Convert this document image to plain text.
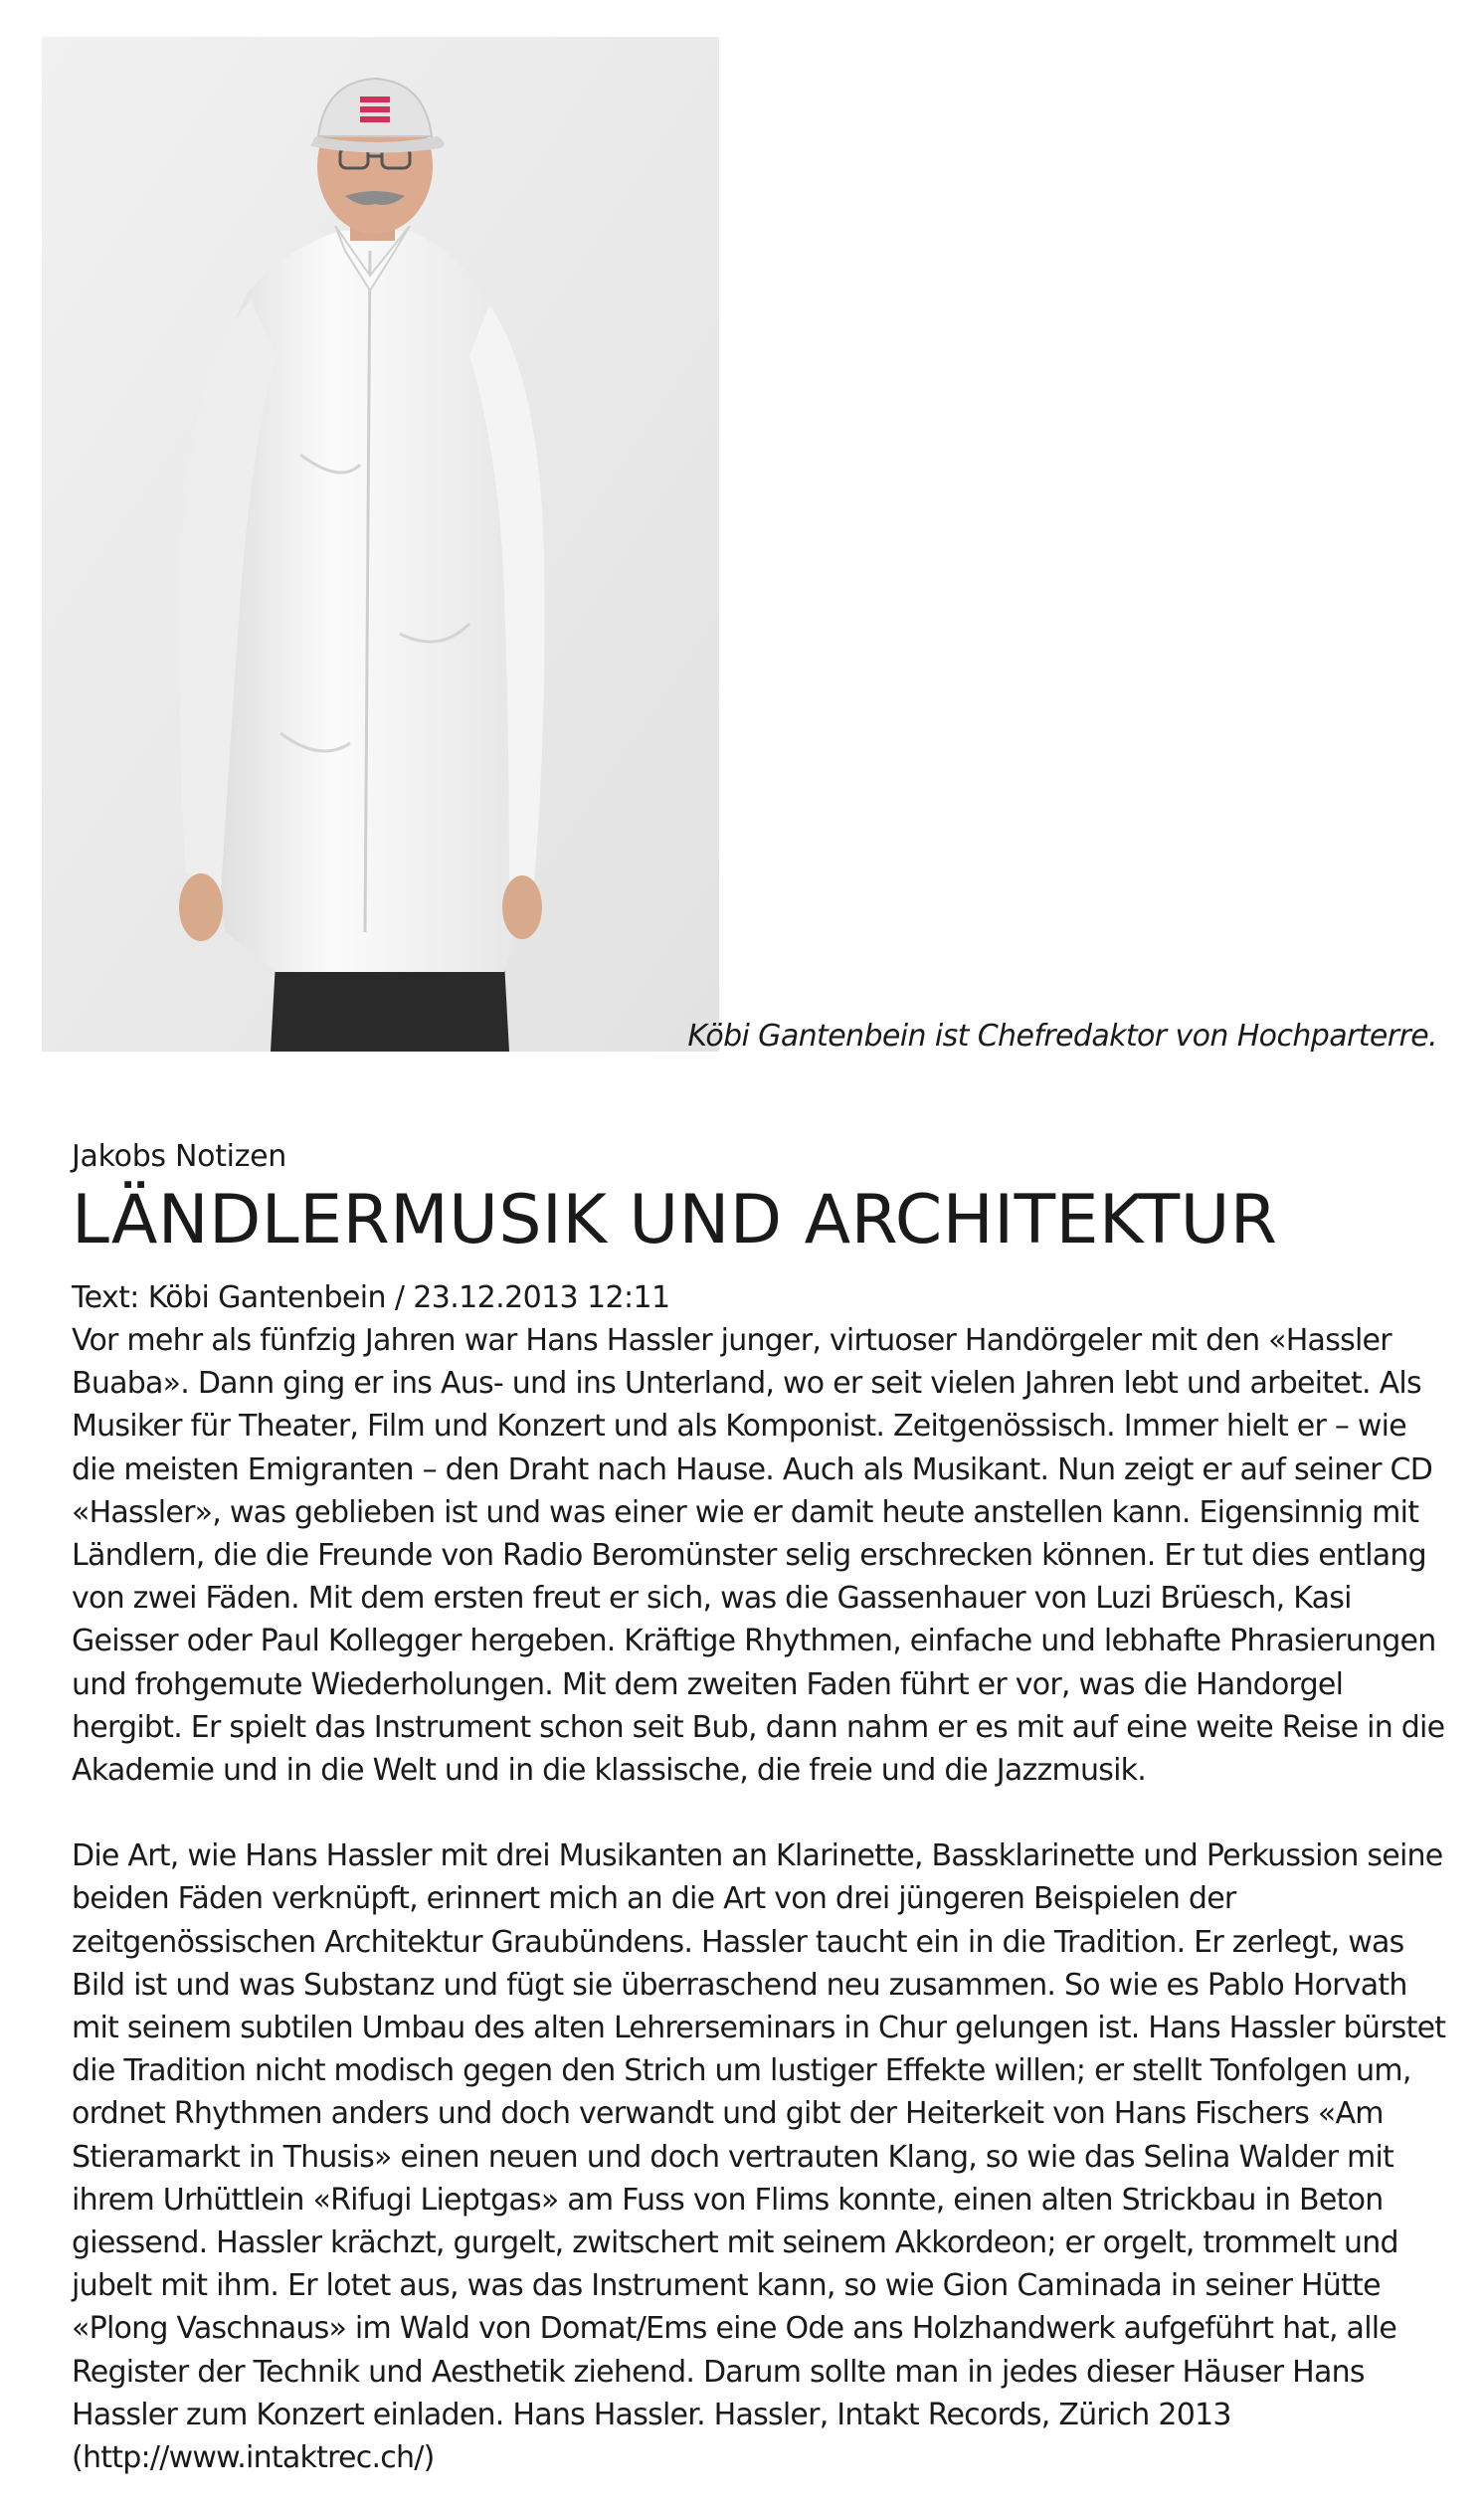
Köbi Gantenbein ist Chefredaktor von Hochparterre.

Jakobs Notizen

LÄNDLERMUSIK UND ARCHITEKTUR

Text: Köbi Gantenbein / 23.12.2013 12:11

Vor mehr als fünfzig Jahren war Hans Hassler junger, virtuoser Handörgeler mit den «Hassler Buaba». Dann ging er ins Aus- und ins Unterland, wo er seit vielen Jahren lebt und arbeitet. Als Musiker für Theater, Film und Konzert und als Komponist. Zeitgenössisch. Immer hielt er – wie die meisten Emigranten – den Draht nach Hause. Auch als Musikant. Nun zeigt er auf seiner CD «Hassler», was geblieben ist und was einer wie er damit heute anstellen kann. Eigensinnig mit Ländlern, die die Freunde von Radio Beromünster selig erschrecken können. Er tut dies entlang von zwei Fäden. Mit dem ersten freut er sich, was die Gassenhauer von Luzi Brüesch, Kasi Geisser oder Paul Kollegger hergeben. Kräftige Rhythmen, einfache und lebhafte Phrasierungen und frohgemute Wiederholungen. Mit dem zweiten Faden führt er vor, was die Handorgel hergibt. Er spielt das Instrument schon seit Bub, dann nahm er es mit auf eine weite Reise in die Akademie und in die Welt und in die klassische, die freie und die Jazzmusik.

Die Art, wie Hans Hassler mit drei Musikanten an Klarinette, Bassklarinette und Perkussion seine beiden Fäden verknüpft, erinnert mich an die Art von drei jüngeren Beispielen der zeitgenössischen Architektur Graubündens. Hassler taucht ein in die Tradition. Er zerlegt, was Bild ist und was Substanz und fügt sie überraschend neu zusammen. So wie es Pablo Horvath mit seinem subtilen Umbau des alten Lehrerseminars in Chur gelungen ist. Hans Hassler bürstet die Tradition nicht modisch gegen den Strich um lustiger Effekte willen; er stellt Tonfolgen um, ordnet Rhythmen anders und doch verwandt und gibt der Heiterkeit von Hans Fischers «Am Stieramarkt in Thusis» einen neuen und doch vertrauten Klang, so wie das Selina Walder mit ihrem Urhüttlein «Rifugi Lieptgas» am Fuss von Flims konnte, einen alten Strickbau in Beton giessend. Hassler krächzt, gurgelt, zwitschert mit seinem Akkordeon; er orgelt, trommelt und jubelt mit ihm. Er lotet aus, was das Instrument kann, so wie Gion Caminada in seiner Hütte «Plong Vaschnaus» im Wald von Domat/Ems eine Ode ans Holzhandwerk aufgeführt hat, alle Register der Technik und Aesthetik ziehend. Darum sollte man in jedes dieser Häuser Hans Hassler zum Konzert einladen. Hans Hassler. Hassler, Intakt Records, Zürich 2013 (http://www.intaktrec.ch/)
